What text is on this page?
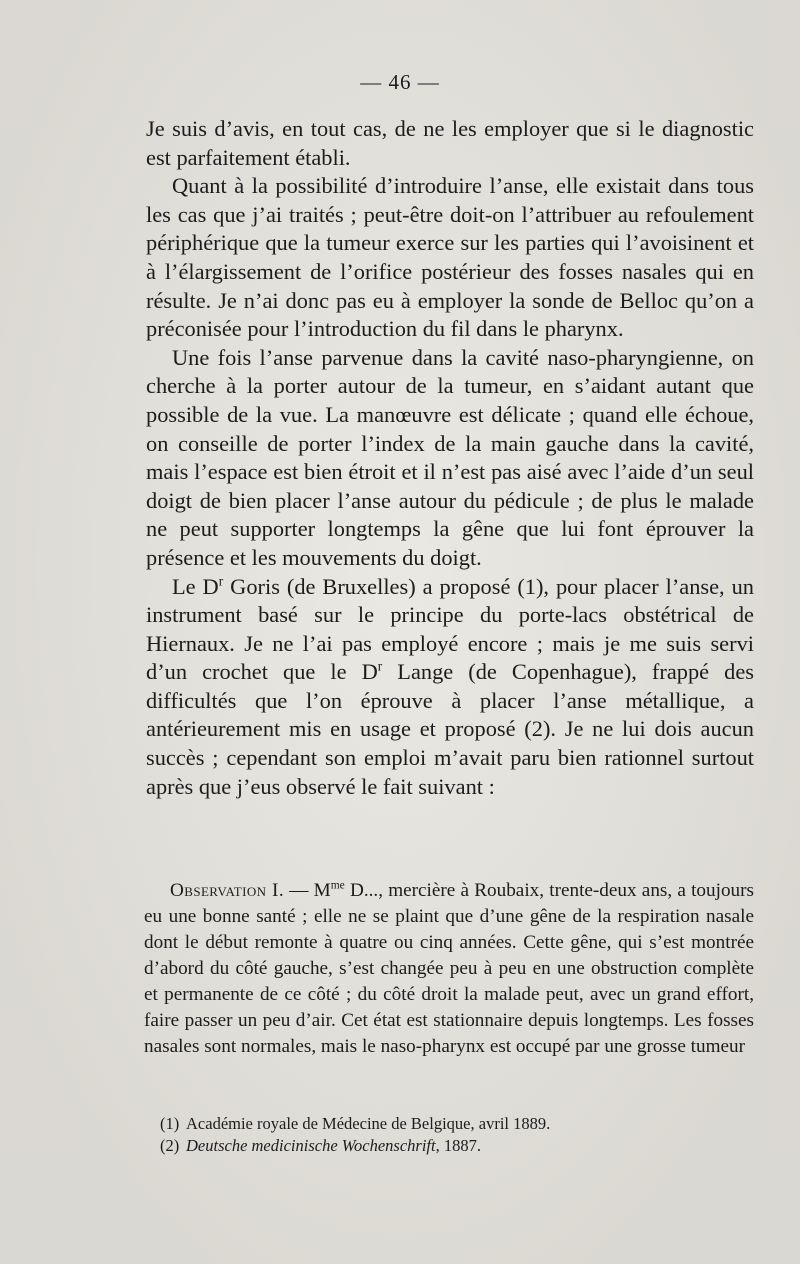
— 46 —

Je suis d’avis, en tout cas, de ne les employer que si le diagnostic est parfaitement établi.

Quant à la possibilité d’introduire l’anse, elle existait dans tous les cas que j’ai traités ; peut-être doit-on l’attribuer au refoulement périphérique que la tumeur exerce sur les parties qui l’avoisinent et à l’élargissement de l’orifice postérieur des fosses nasales qui en résulte. Je n’ai donc pas eu à employer la sonde de Belloc qu’on a préconisée pour l’introduction du fil dans le pharynx.

Une fois l’anse parvenue dans la cavité naso-pharyngienne, on cherche à la porter autour de la tumeur, en s’aidant autant que possible de la vue. La manœuvre est délicate ; quand elle échoue, on conseille de porter l’index de la main gauche dans la cavité, mais l’espace est bien étroit et il n’est pas aisé avec l’aide d’un seul doigt de bien placer l’anse autour du pédicule ; de plus le malade ne peut supporter longtemps la gêne que lui font éprouver la présence et les mouvements du doigt.

Le $D^r$ Goris (de Bruxelles) a proposé (1), pour placer l’anse, un instrument basé sur le principe du porte-lacs obstétrical de Hiernaux. Je ne l’ai pas employé encore ; mais je me suis servi d’un crochet que le $D^r$ Lange (de Copenhague), frappé des difficultés que l’on éprouve à placer l’anse métallique, a antérieurement mis en usage et proposé (2). Je ne lui dois aucun succès ; cependant son emploi m’avait paru bien rationnel surtout après que j’eus observé le fait suivant :

Observation I. — $M^{me}$ D..., mercière à Roubaix, trente-deux ans, a toujours eu une bonne santé ; elle ne se plaint que d’une gêne de la respiration nasale dont le début remonte à quatre ou cinq années. Cette gêne, qui s’est montrée d’abord du côté gauche, s’est changée peu à peu en une obstruction complète et permanente de ce côté ; du côté droit la malade peut, avec un grand effort, faire passer un peu d’air. Cet état est stationnaire depuis longtemps. Les fosses nasales sont normales, mais le naso-pharynx est occupé par une grosse tumeur

(1) Académie royale de Médecine de Belgique, avril 1889.

(2) Deutsche medicinische Wochenschrift, 1887.
